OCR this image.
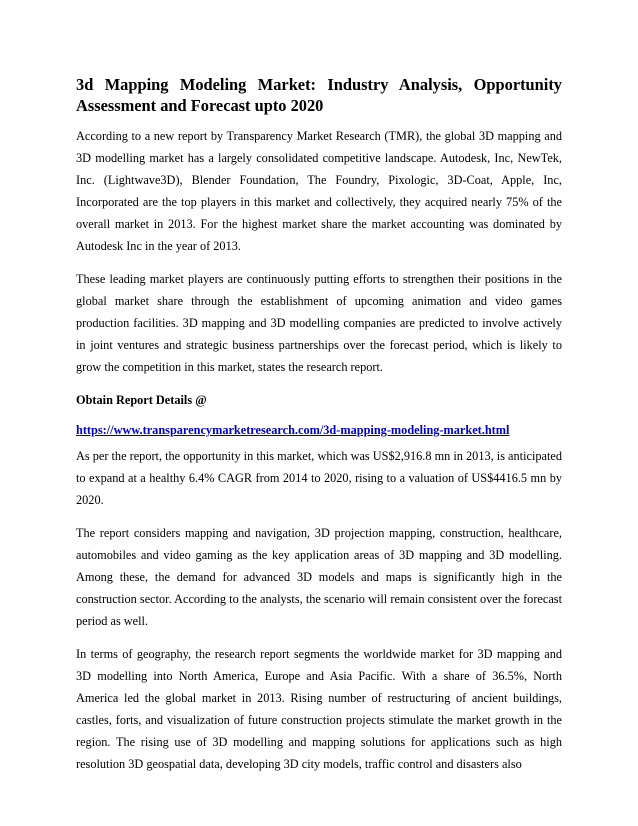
3d Mapping Modeling Market: Industry Analysis, Opportunity Assessment and Forecast upto 2020

According to a new report by Transparency Market Research (TMR), the global 3D mapping and 3D modelling market has a largely consolidated competitive landscape. Autodesk, Inc, NewTek, Inc. (Lightwave3D), Blender Foundation, The Foundry, Pixologic, 3D-Coat, Apple, Inc, Incorporated are the top players in this market and collectively, they acquired nearly 75% of the overall market in 2013. For the highest market share the market accounting was dominated by Autodesk Inc in the year of 2013.

These leading market players are continuously putting efforts to strengthen their positions in the global market share through the establishment of upcoming animation and video games production facilities. 3D mapping and 3D modelling companies are predicted to involve actively in joint ventures and strategic business partnerships over the forecast period, which is likely to grow the competition in this market, states the research report.

Obtain Report Details @
https://www.transparencymarketresearch.com/3d-mapping-modeling-market.html

As per the report, the opportunity in this market, which was US$2,916.8 mn in 2013, is anticipated to expand at a healthy 6.4% CAGR from 2014 to 2020, rising to a valuation of US$4416.5 mn by 2020.

The report considers mapping and navigation, 3D projection mapping, construction, healthcare, automobiles and video gaming as the key application areas of 3D mapping and 3D modelling. Among these, the demand for advanced 3D models and maps is significantly high in the construction sector. According to the analysts, the scenario will remain consistent over the forecast period as well.

In terms of geography, the research report segments the worldwide market for 3D mapping and 3D modelling into North America, Europe and Asia Pacific. With a share of 36.5%, North America led the global market in 2013. Rising number of restructuring of ancient buildings, castles, forts, and visualization of future construction projects stimulate the market growth in the region. The rising use of 3D modelling and mapping solutions for applications such as high resolution 3D geospatial data, developing 3D city models, traffic control and disasters also
